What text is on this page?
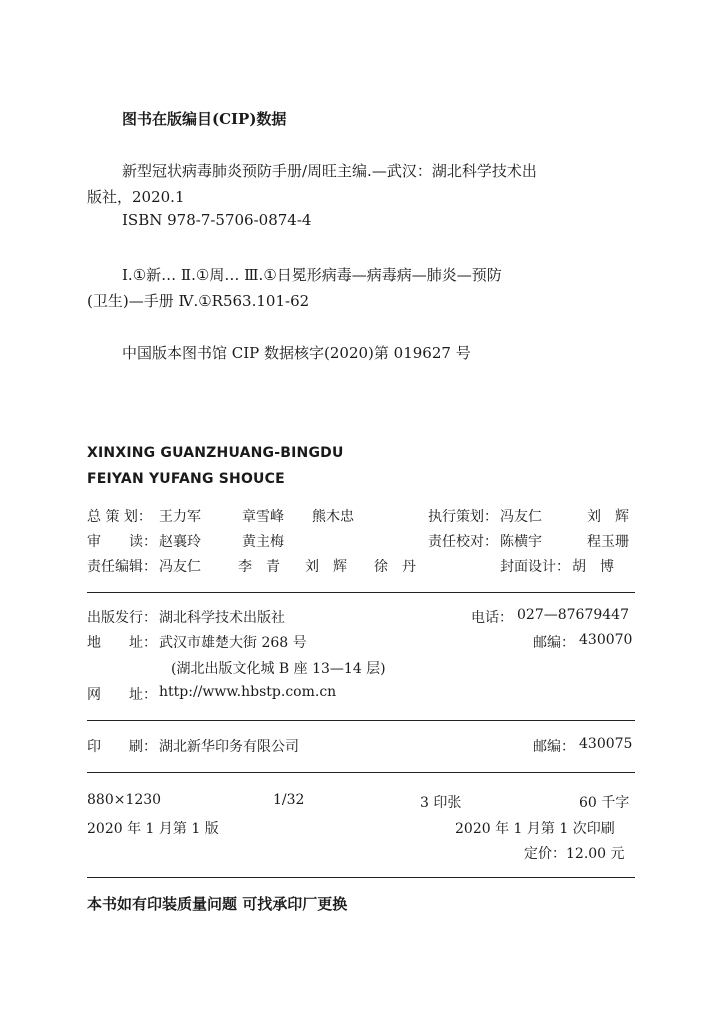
图书在版编目(CIP)数据
新型冠状病毒肺炎预防手册/周旺主编.—武汉：湖北科学技术出
版社，2020.1
ISBN 978-7-5706-0874-4
Ⅰ.①新… Ⅱ.①周… Ⅲ.①日冕形病毒—病毒病—肺炎—预防
(卫生)—手册 Ⅳ.①R563.101-62
中国版本图书馆 CIP 数据核字(2020)第 019627 号
XINXING GUANZHUANG-BINGDU
FEIYAN YUFANG SHOUCE
总 策 划： 王力军	章雪峰 熊木忠	执行策划： 冯友仁	刘　辉
审　　读： 赵襄玲	黄主梅	责任校对： 陈横宇	程玉珊
责任编辑： 冯友仁	李　青 刘　辉 徐　丹	封面设计： 胡　博
出版发行： 湖北科学技术出版社	电话： 027—87679447
地　　址： 武汉市雄楚大街 268 号	邮编： 430070
(湖北出版文化城 B 座 13—14 层)
网　　址： http://www.hbstp.com.cn
印　　刷： 湖北新华印务有限公司	邮编： 430075
880×1230	1/32	3 印张	60 千字
2020 年 1 月第 1 版	2020 年 1 月第 1 次印刷
定价：12.00 元
本书如有印装质量问题 可找承印厂更换
